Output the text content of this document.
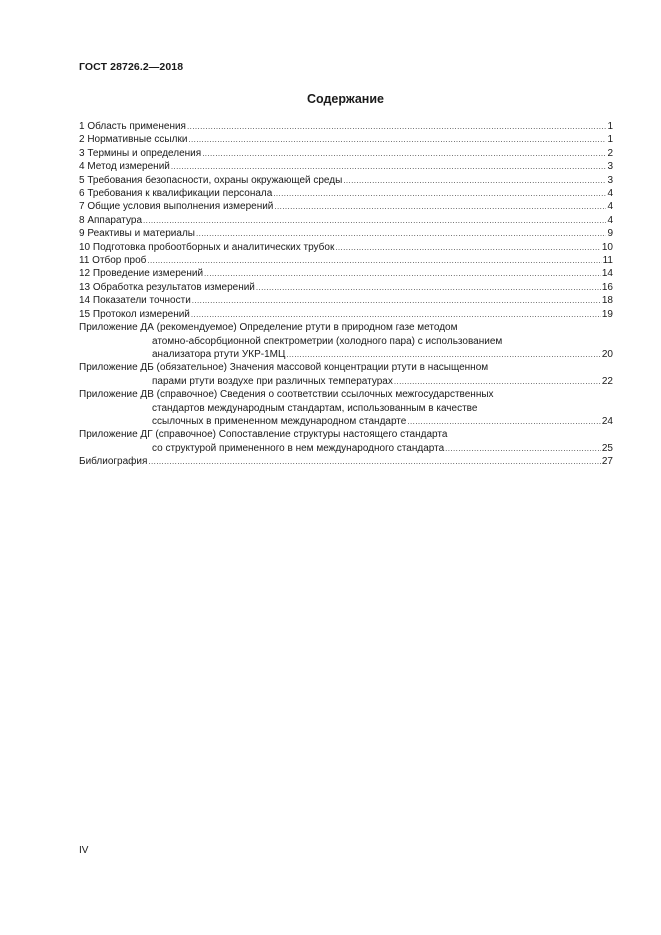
ГОСТ 28726.2—2018
Содержание
1 Область применения .....	1
2 Нормативные ссылки .....	1
3 Термины и определения .....	2
4 Метод измерений .....	3
5 Требования безопасности, охраны окружающей среды .....	3
6 Требования к квалификации персонала .....	4
7 Общие условия выполнения измерений .....	4
8 Аппаратура .....	4
9 Реактивы и материалы .....	9
10 Подготовка пробоотборных и аналитических трубок .....	10
11 Отбор проб .....	11
12 Проведение измерений .....	14
13 Обработка результатов измерений .....	16
14 Показатели точности .....	18
15 Протокол измерений .....	19
Приложение ДА (рекомендуемое) Определение ртути в природном газе методом
атомно-абсорбционной спектрометрии (холодного пара) с использованием
анализатора ртути УКР-1МЦ .....	20
Приложение ДБ (обязательное) Значения массовой концентрации ртути в насыщенном
парами ртути воздухе при различных температурах .....	22
Приложение ДВ (справочное) Сведения о соответствии ссылочных межгосударственных
стандартов международным стандартам, использованным в качестве
ссылочных в примененном международном стандарте .....	24
Приложение ДГ (справочное) Сопоставление структуры настоящего стандарта
со структурой примененного в нем международного стандарта .....	25
Библиография .....	27
IV
